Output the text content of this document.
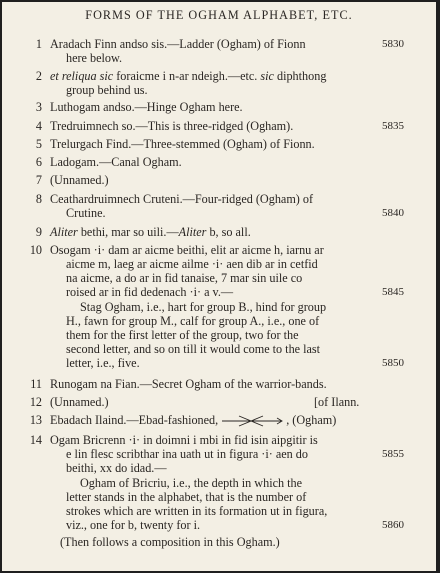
FORMS OF THE OGHAM ALPHABET, ETC.
1 Aradach Finn andso sis.—Ladder (Ogham) of Fionn	5830
here below.
2 et reliqua sic foraicme i n-ar ndeigh.—etc. sic diphthong
group behind us.
3 Luthogam andso.—Hinge Ogham here.
4 Tredruimnech so.—This is three-ridged (Ogham).	5835
5 Trelurgach Find.—Three-stemmed (Ogham) of Fionn.
6 Ladogam.—Canal Ogham.
7 (Unnamed.)
8 Ceathardruimnech Cruteni.—Four-ridged (Ogham) of
Crutine.	5840
9 Aliter bethi, mar so uili.—Aliter b, so all.
10 Osogam ·i· dam ar aicme beithi, elit ar aicme h, iarnu ar
aicme m, laeg ar aicme ailme ·i· aen dib ar in cetfid
na aicme, a do ar in fid tanaise, 7 mar sin uile co
roised ar in fid dedenach ·i· a v.—	5845
Stag Ogham, i.e., hart for group B., hind for group
H., fawn for group M., calf for group A., i.e., one of
them for the first letter of the group, two for the
second letter, and so on till it would come to the last
letter, i.e., five.	5850
11 Runogam na Fian.—Secret Ogham of the warrior-bands.
12 (Unnamed.)	[of Ilann.
13 Ebadach Ilaind.—Ebad-fashioned,	, (Ogham)
14 Ogam Bricrenn ·i· in doimni i mbi in fid isin aipgitir is
e lin flesc scribthar ina uath ut in figura ·i· aen do	5855
beithi, xx do idad.—
Ogham of Bricriu, i.e., the depth in which the
letter stands in the alphabet, that is the number of
strokes which are written in its formation ut in figura,
viz., one for b, twenty for i.	5860
(Then follows a composition in this Ogham.)
